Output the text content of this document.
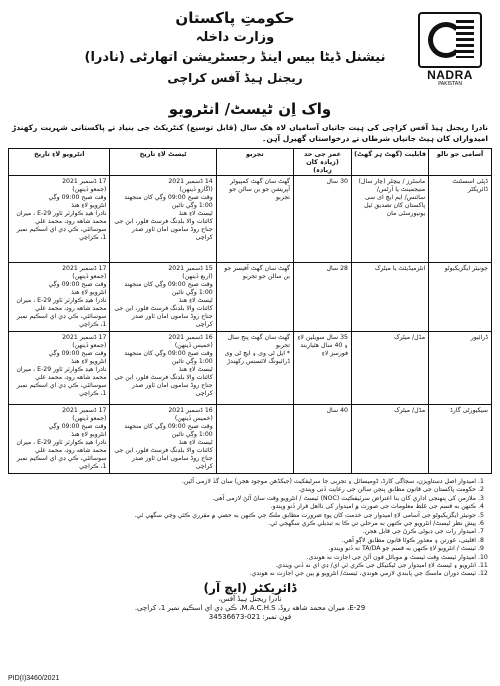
NADRA
PAKISTAN
حکومتِ پاکستان
وزارت داخلہ
نیشنل ڈیٹا بیس اینڈ رجسٹریشن اتھارٹی (نادرا)
ریجنل ہیڈ آفس کراچی
واک اِن ٹیسٹ/ انٹرویو
نادرا ریجنل ہیڈ آفس کراچی کی ہیت جاتیاں آسامیاں لاہ ھک سال (قابل توسیع) کنٹریکٹ جی بنیاد تے پاکستانی شہریت رکھندڑ امیدواراں کان ہیٹ جاتیاں شرطاں تے درخواستاں گھیرل آہن۔
آسامی جو نالو	قابلیت (گھٹ ہر گھٹ)	عمر جی حد (زیادہ کان زیادہ)	تجربو	ٹیسٹ لاءِ تاریخ	انٹرویو لاءِ تاریخ
ڈپٹی اسسٹنٹ ڈائریکٹر	ماسٹرز / بیچلر (چار سال) منیجمینٹ یا آرٹس/ سائنس/ ایم ایچ ای سی پاکستان کان تصدیق ٿیل یونیورسٹی مان	30 سال	گھٹ سان گھٹ کمپیوٹر آپریشن جو بن سالن جو تجربو	14 ڈسمبر 2021
(اڱارو ڏينهن)
وقت صبح 09:00 وڳي کان منجهند 1:00 وڳي تائين
ٹیسٹ لاءِ هنڌ
کائنات والا بلڊنگ فرسٹ فلور، ابن جی جناح روڈ ساموں امان ٽاور صدر کراچی	17 ڈسمبر 2021
(جمعو ڏينهن)
وقت صبح 09:00 وڳي
انٹرویو لاءِ هنڌ
نادرا هيڊ ڪوارٽر ٽاور 29-E ، ميران محمد شاهه روڊ، محمد علي سوسائٽي، ڪي ڊي اي اسڪيم نمبر 1، ڪراچي
جونیئر ایگزیکیوٹو	انٹرمیڈیئٹ یا میٹرک	28 سال	گھٹ سان گھٹ آفیسر جو بن سالن جو تجربو	15 ڈسمبر 2021
(اربع ڏينهن)
وقت صبح 09:00 وڳي کان منجهند 1:00 وڳي تائين
ٹیسٹ لاءِ هنڌ
کائنات والا بلڊنگ فرسٹ فلور، ابن جی جناح روڈ ساموں امان ٽاور صدر کراچی	17 ڈسمبر 2021
(جمعو ڏينهن)
وقت صبح 09:00 وڳي
انٹرویو لاءِ هنڌ
نادرا هيڊ ڪوارٽر ٽاور 29-E ، ميران محمد شاهه روڊ، محمد علي سوسائٽي، ڪي ڊي اي اسڪيم نمبر 1، ڪراچي
ڈرائیور	مڈل/ میٹرک	35 سال سویلین لاءِ ۽ 40 سال هٿياربند فورسز لاءِ	گھٹ سان گھٹ پنج سال تجربو
* ایل ٹی وی ۽ ایچ ٹی وی ڈرائیونگ لائسنس رکھندڑ	16 ڈسمبر 2021
(خمیس ڏينهن)
وقت صبح 09:00 وڳي کان منجهند 1:00 وڳي تائين
ٹیسٹ لاءِ هنڌ
کائنات والا بلڊنگ فرسٹ فلور، ابن جی جناح روڈ ساموں امان ٽاور صدر کراچی	17 ڈسمبر 2021
(جمعو ڏينهن)
وقت صبح 09:00 وڳي
انٹرویو لاءِ هنڌ
نادرا هيڊ ڪوارٽر ٽاور 29-E ، ميران محمد شاهه روڊ، محمد علي سوسائٽي، ڪي ڊي اي اسڪيم نمبر 1، ڪراچي
سیکیورٹی گارڈ	مڈل/ میٹرک	40 سال		16 ڈسمبر 2021
(خمیس ڏينهن)
وقت صبح 09:00 وڳي کان منجهند 1:00 وڳي تائين
ٹیسٹ لاءِ هنڌ
کائنات والا بلڊنگ فرسٹ فلور، ابن جی جناح روڈ ساموں امان ٽاور صدر کراچی	17 ڈسمبر 2021
(جمعو ڏينهن)
وقت صبح 09:00 وڳي
انٹرویو لاءِ هنڌ
نادرا هيڊ ڪوارٽر ٽاور 29-E ، ميران محمد شاهه روڊ، محمد علي سوسائٽي، ڪي ڊي اي اسڪيم نمبر 1، ڪراچي
1.
امیدوار اصل دستاویزن، سجاگی کارڈ، ڈومیسائل ۽ تجربی جا سرٹیفکیٽ (جیکڈھن موجود ھجن) سان گڏ لازمی آڻین.
2.
حکومت پاکستان جی قانون مطابق پنجن سالن جی رعایت ڏنی ويندي.
3.
ملازمن کی پنهنجی اداري کان بنا اعتراض سرٽيفڪيٽ (NOC) ٽیسٹ / انٹرویو وقت ساڻ آڻڻ لازمی آھی.
4.
ڪنهن به قسم جی غلط معلومات جی صورت ۾ امیدوار کی نااھل قرار ڏنو ويندو.
5.
جونیئر ایگزیکیوٹو جی آسامی لاءِ امیدوار جی خدمت کان پوءِ ضرورت مطابق ملڪ جي ڪنهن به حصي ۾ مقرري ڪئي وڃي سگهي ٿي.
6.
پیش نظر ٹیسٹ/ انٹرویو جي ڪنهن به مرحلي تي ڪا به تبديلي ڪري سگهجي ٿي.
7.
امیدوار رات جی ڊیوٹی ڪرڻ جی قابل هجن.
8.
اقلیتی، عورتن ۽ معذور ڪوٹا قانون مطابق لاڳو آھي.
9.
ٽیسٹ / انٹرویو لاءِ ڪنهن به قسم جو TA/DA نه ڏنو ويندو.
10.
امیدوار ٽیسٹ وقت ٽیسٹ ۾ موبائل فون آڻڻ جی اجازت نه هوندی.
11.
انٹرویو ۽ ٹیسٹ لاءِ امیدوار جی ٹیکنیکل جی ڪري ٽي اي/ ڊي اي نه ڏني ويندي.
12.
ٽیسٹ دوران ماسڪ جي پابندي لازمي هوندي، ٽیسٹ/ انٹرویو ۾ ٻين جي اجازت نه هوندي.
ڈائریکٹر (ایچ آر)
نادرا ریجنل ہیڈ آفس،
E-29، میران محمد شاهه روڈ، M.A.C.H.S، ڪي ڊي اي اسڪيم نمبر 1، کراچی.
فون نمبر: 021-34536673
PID(I)3460/2021
